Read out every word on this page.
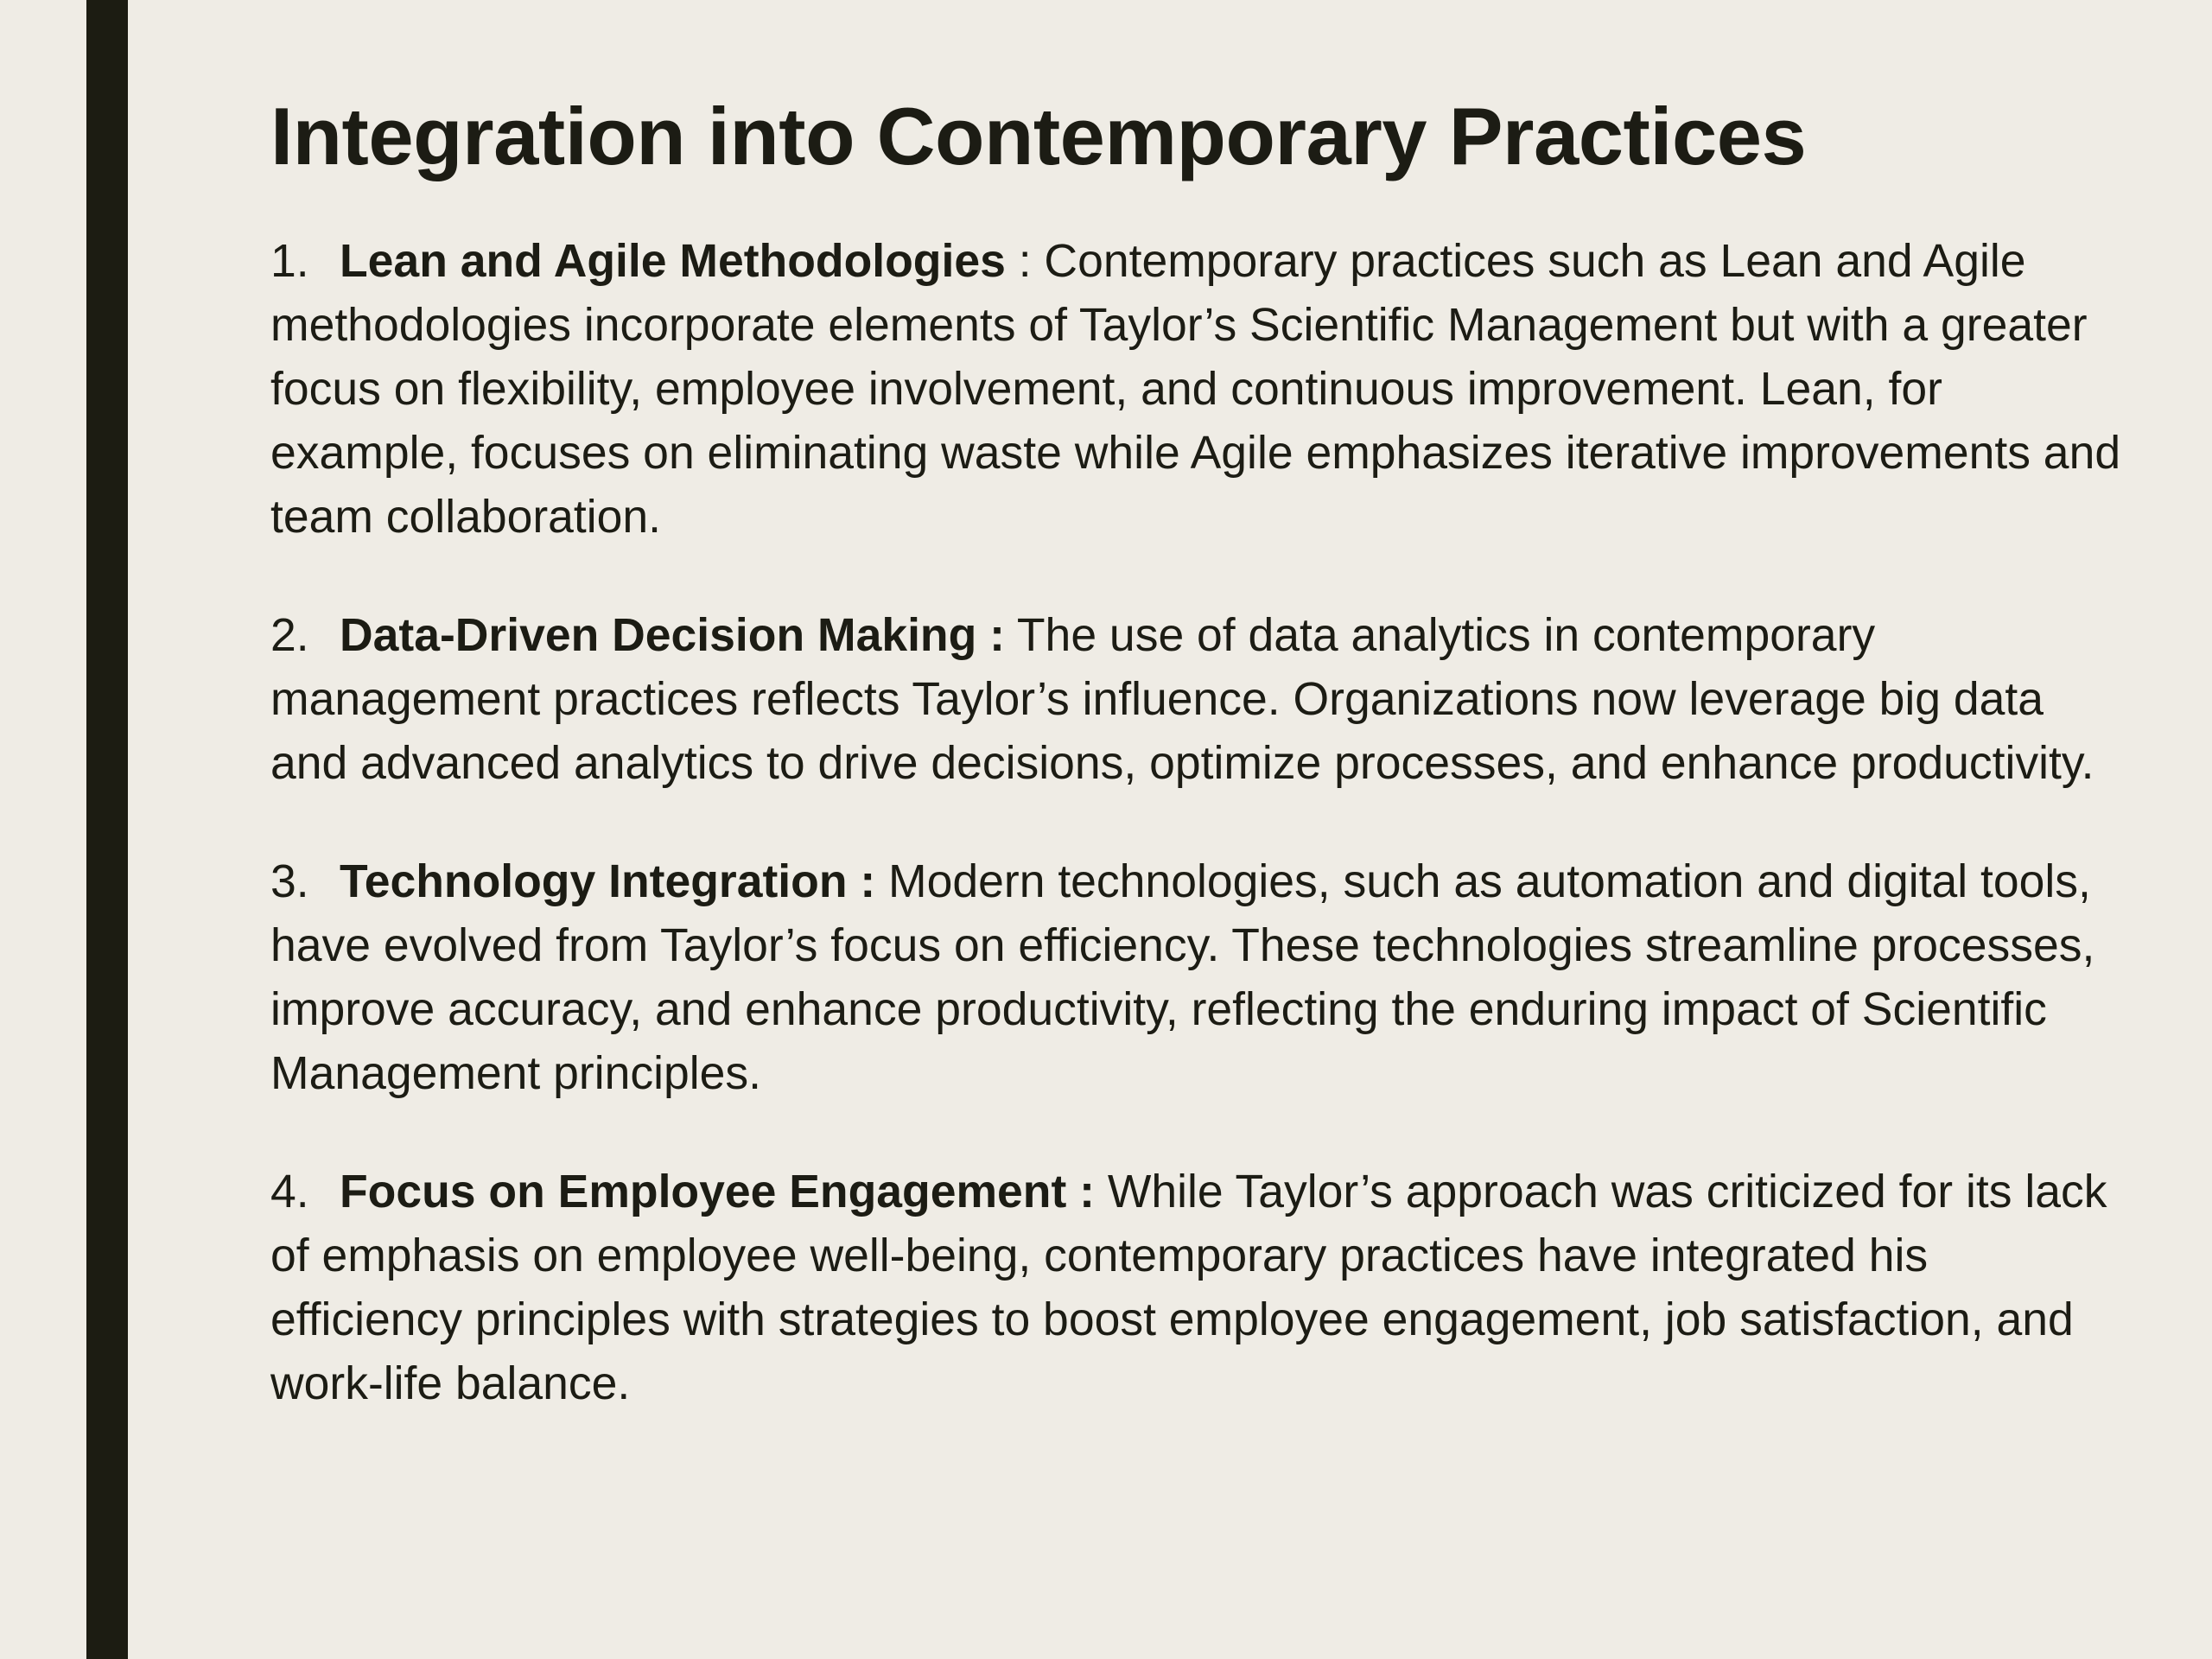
Integration into Contemporary Practices
1. Lean and Agile Methodologies : Contemporary practices such as Lean and Agile methodologies incorporate elements of Taylor’s Scientific Management but with a greater focus on flexibility, employee involvement, and continuous improvement. Lean, for example, focuses on eliminating waste while Agile emphasizes iterative improvements and team collaboration.
2. Data-Driven Decision Making : The use of data analytics in contemporary management practices reflects Taylor’s influence. Organizations now leverage big data and advanced analytics to drive decisions, optimize processes, and enhance productivity.
3. Technology Integration : Modern technologies, such as automation and digital tools, have evolved from Taylor’s focus on efficiency. These technologies streamline processes, improve accuracy, and enhance productivity, reflecting the enduring impact of Scientific Management principles.
4. Focus on Employee Engagement : While Taylor’s approach was criticized for its lack of emphasis on employee well-being, contemporary practices have integrated his efficiency principles with strategies to boost employee engagement, job satisfaction, and work-life balance.
